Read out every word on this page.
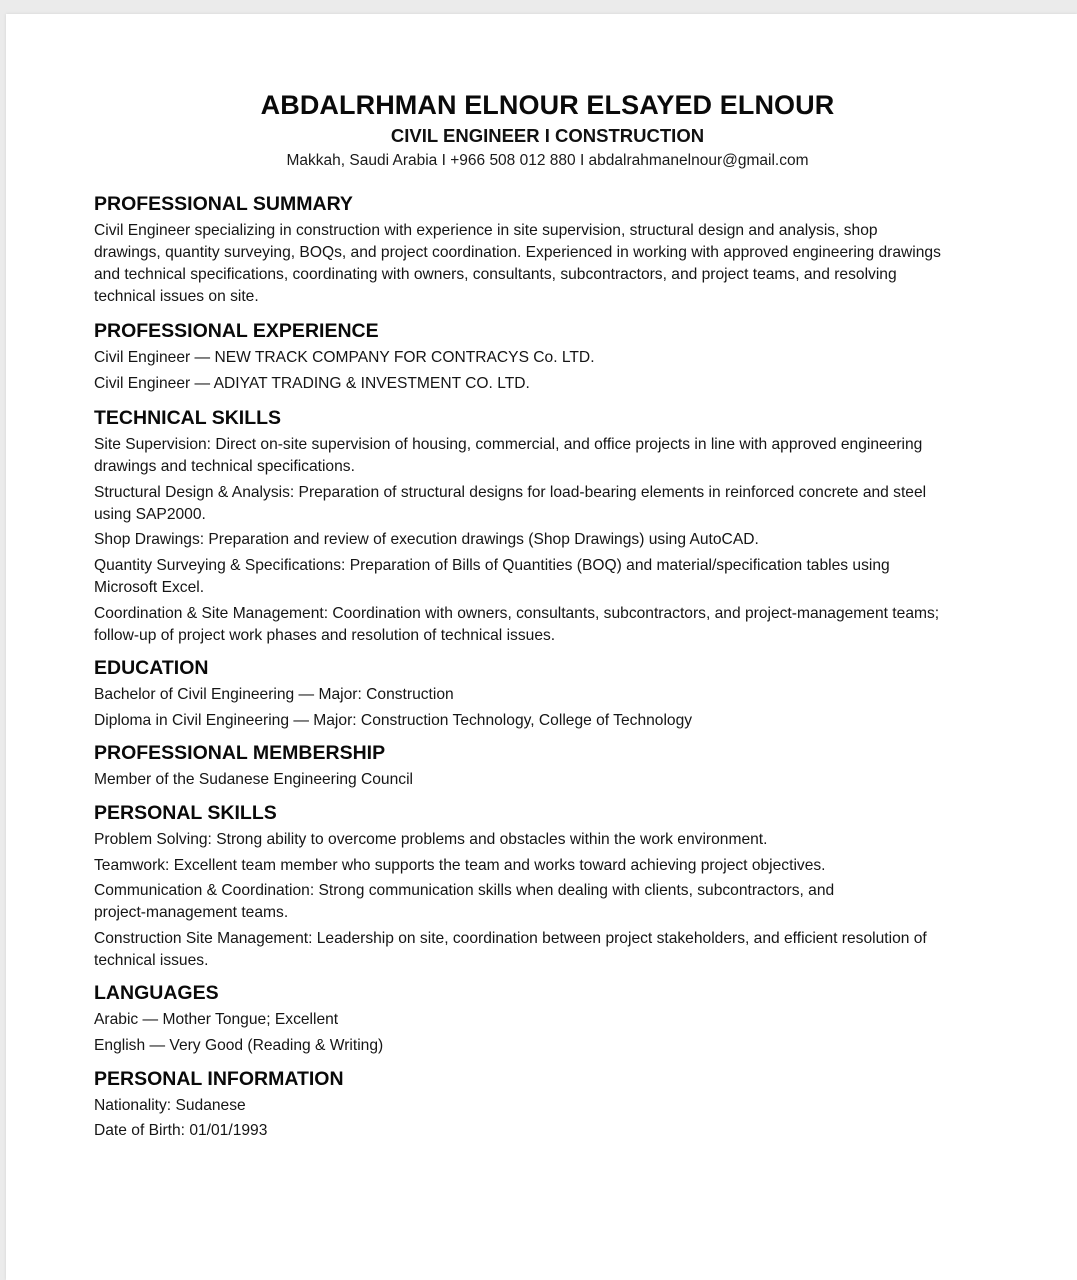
ABDALRHMAN ELNOUR ELSAYED ELNOUR
CIVIL ENGINEER I CONSTRUCTION
Makkah, Saudi Arabia I +966 508 012 880 I abdalrahmanelnour@gmail.com
PROFESSIONAL SUMMARY
Civil Engineer specializing in construction with experience in site supervision, structural design and analysis, shop
drawings, quantity surveying, BOQs, and project coordination. Experienced in working with approved engineering drawings
and technical specifications, coordinating with owners, consultants, subcontractors, and project teams, and resolving
technical issues on site.
PROFESSIONAL EXPERIENCE
Civil Engineer — NEW TRACK COMPANY FOR CONTRACYS Co. LTD.
Civil Engineer — ADIYAT TRADING & INVESTMENT CO. LTD.
TECHNICAL SKILLS
Site Supervision: Direct on-site supervision of housing, commercial, and office projects in line with approved engineering
drawings and technical specifications.
Structural Design & Analysis: Preparation of structural designs for load-bearing elements in reinforced concrete and steel
using SAP2000.
Shop Drawings: Preparation and review of execution drawings (Shop Drawings) using AutoCAD.
Quantity Surveying & Specifications: Preparation of Bills of Quantities (BOQ) and material/specification tables using
Microsoft Excel.
Coordination & Site Management: Coordination with owners, consultants, subcontractors, and project-management teams;
follow-up of project work phases and resolution of technical issues.
EDUCATION
Bachelor of Civil Engineering — Major: Construction
Diploma in Civil Engineering — Major: Construction Technology, College of Technology
PROFESSIONAL MEMBERSHIP
Member of the Sudanese Engineering Council
PERSONAL SKILLS
Problem Solving: Strong ability to overcome problems and obstacles within the work environment.
Teamwork: Excellent team member who supports the team and works toward achieving project objectives.
Communication & Coordination: Strong communication skills when dealing with clients, subcontractors, and
project-management teams.
Construction Site Management: Leadership on site, coordination between project stakeholders, and efficient resolution of
technical issues.
LANGUAGES
Arabic — Mother Tongue; Excellent
English — Very Good (Reading & Writing)
PERSONAL INFORMATION
Nationality: Sudanese
Date of Birth: 01/01/1993
